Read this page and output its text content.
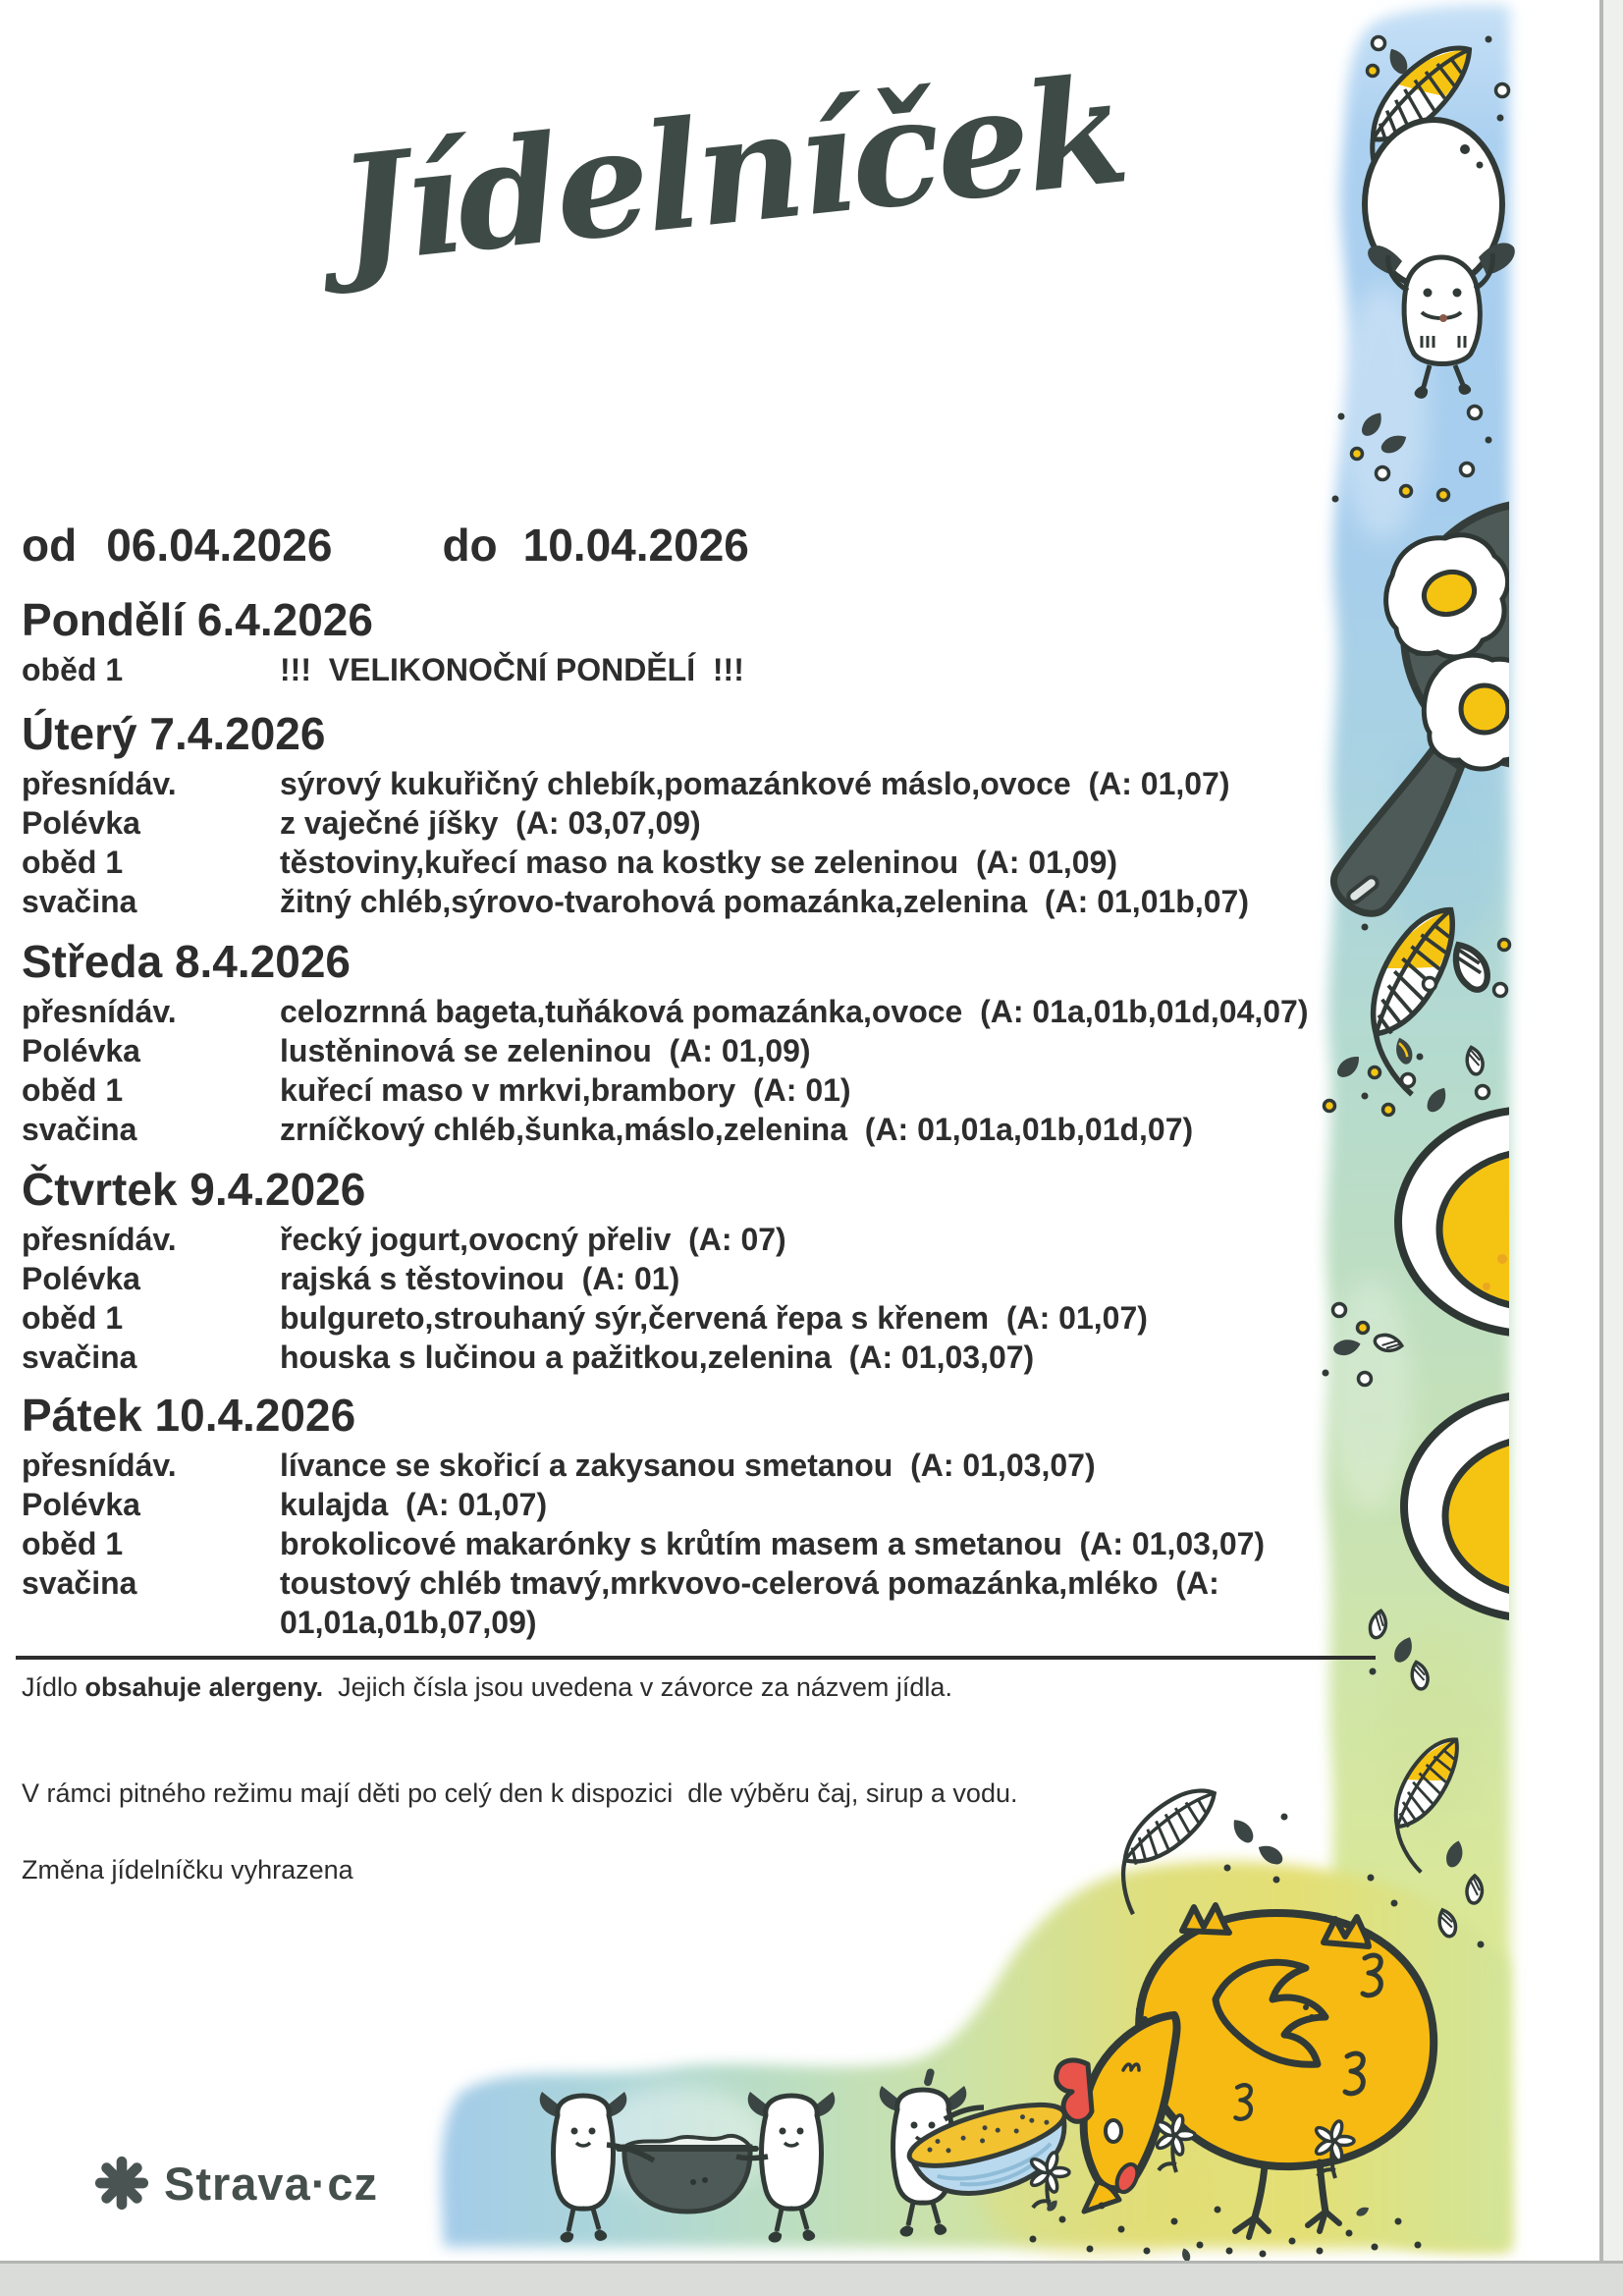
Jídelníček
od 06.04.2026 do 10.04.2026
Pondělí 6.4.2026
oběd 1	!!!  VELIKONOČNÍ PONDĚLÍ  !!!
Úterý 7.4.2026
přesnídáv.	sýrový kukuřičný chlebík,pomazánkové máslo,ovoce  (A: 01,07)
Polévka	z vaječné jíšky  (A: 03,07,09)
oběd 1	těstoviny,kuřecí maso na kostky se zeleninou  (A: 01,09)
svačina	žitný chléb,sýrovo-tvarohová pomazánka,zelenina  (A: 01,01b,07)
Středa 8.4.2026
přesnídáv.	celozrnná bageta,tuňáková pomazánka,ovoce  (A: 01a,01b,01d,04,07)
Polévka	lustěninová se zeleninou  (A: 01,09)
oběd 1	kuřecí maso v mrkvi,brambory  (A: 01)
svačina	zrníčkový chléb,šunka,máslo,zelenina  (A: 01,01a,01b,01d,07)
Čtvrtek 9.4.2026
přesnídáv.	řecký jogurt,ovocný přeliv  (A: 07)
Polévka	rajská s těstovinou  (A: 01)
oběd 1	bulgureto,strouhaný sýr,červená řepa s křenem  (A: 01,07)
svačina	houska s lučinou a pažitkou,zelenina  (A: 01,03,07)
Pátek 10.4.2026
přesnídáv.	lívance se skořicí a zakysanou smetanou  (A: 01,03,07)
Polévka	kulajda  (A: 01,07)
oběd 1	brokolicové makarónky s krůtím masem a smetanou  (A: 01,03,07)
svačina	toustový chléb tmavý,mrkvovo-celerová pomazánka,mléko  (A: 01,01a,01b,07,09)
Jídlo obsahuje alergeny.  Jejich čísla jsou uvedena v závorce za názvem jídla.
V rámci pitného režimu mají děti po celý den k dispozici  dle výběru čaj, sirup a vodu.
Změna jídelníčku vyhrazena
Strava·cz
